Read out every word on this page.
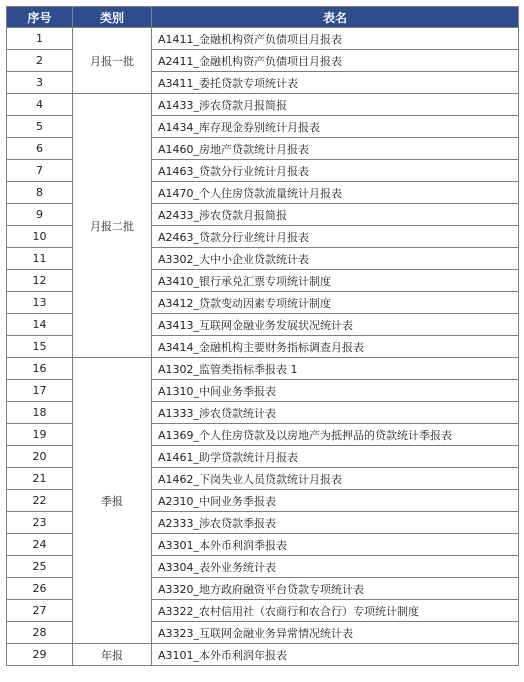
序号	类别	表名
1	月报一批	A1411_金融机构资产负债项目月报表
2		A2411_金融机构资产负债项目月报表
3		A3411_委托贷款专项统计表
4	月报二批	A1433_涉农贷款月报简报
5		A1434_库存现金券别统计月报表
6		A1460_房地产贷款统计月报表
7		A1463_贷款分行业统计月报表
8		A1470_个人住房贷款流量统计月报表
9		A2433_涉农贷款月报简报
10		A2463_贷款分行业统计月报表
11		A3302_大中小企业贷款统计表
12		A3410_银行承兑汇票专项统计制度
13		A3412_贷款变动因素专项统计制度
14		A3413_互联网金融业务发展状况统计表
15		A3414_金融机构主要财务指标调查月报表
16	季报	A1302_监管类指标季报表 1
17		A1310_中间业务季报表
18		A1333_涉农贷款统计表
19		A1369_个人住房贷款及以房地产为抵押品的贷款统计季报表
20		A1461_助学贷款统计月报表
21		A1462_下岗失业人员贷款统计月报表
22		A2310_中间业务季报表
23		A2333_涉农贷款季报表
24		A3301_本外币利润季报表
25		A3304_表外业务统计表
26		A3320_地方政府融资平台贷款专项统计表
27		A3322_农村信用社（农商行和农合行）专项统计制度
28		A3323_互联网金融业务异常情况统计表
29	年报	A3101_本外币利润年报表
